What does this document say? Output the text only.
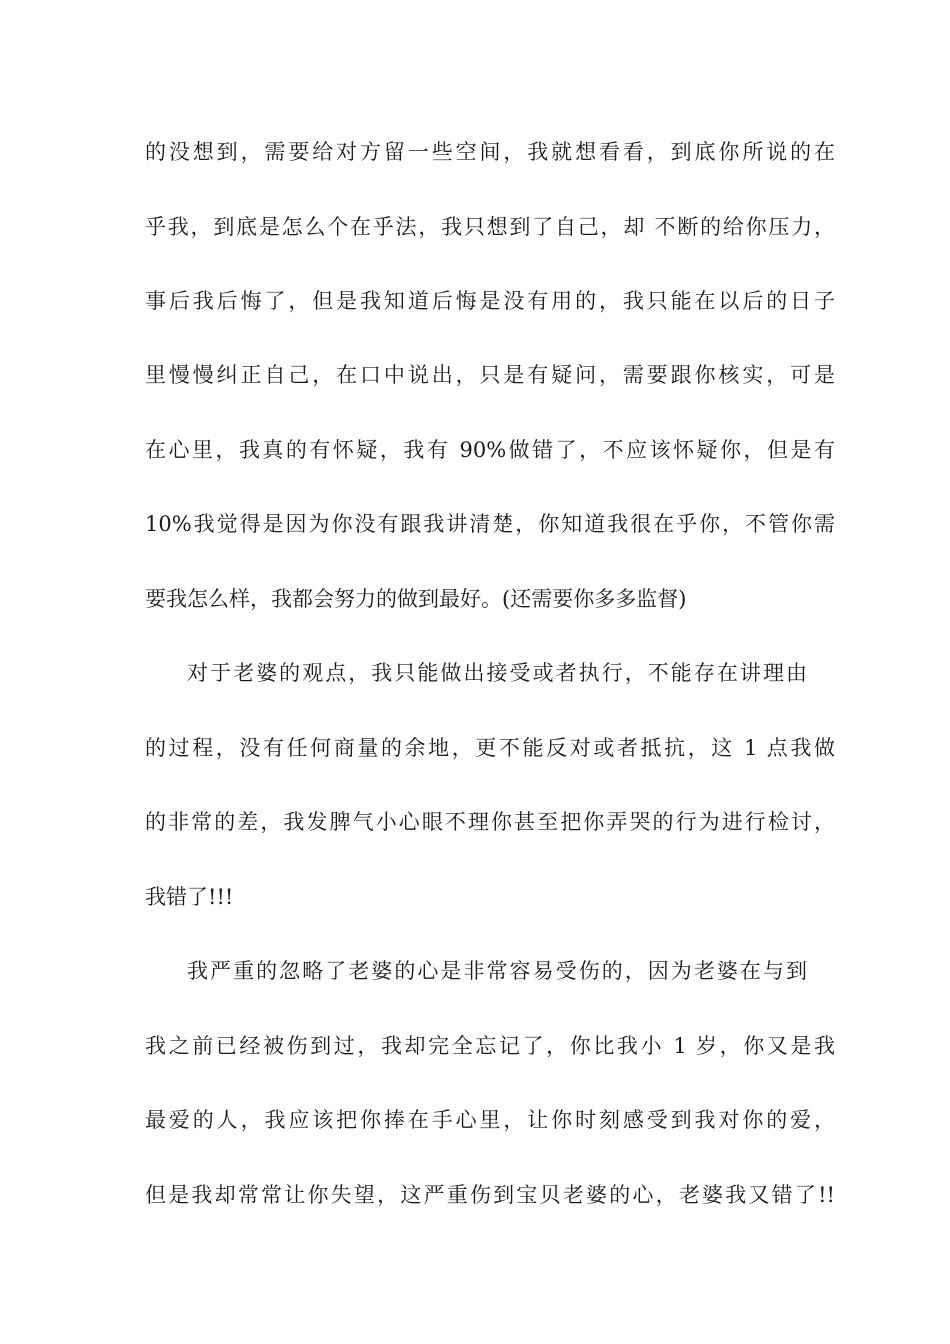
的没想到，需要给对方留一些空间，我就想看看，到底你所说的在
乎我，到底是怎么个在乎法，我只想到了自己，却 不断的给你压力，
事后我后悔了，但是我知道后悔是没有用的，我只能在以后的日子
里慢慢纠正自己，在口中说出，只是有疑问，需要跟你核实，可是
在心里，我真的有怀疑，我有 90%做错了，不应该怀疑你，但是有
10%我觉得是因为你没有跟我讲清楚，你知道我很在乎你，不管你需
要我怎么样，我都会努力的做到最好。(还需要你多多监督)
对于老婆的观点，我只能做出接受或者执行，不能存在讲理由
的过程，没有任何商量的余地，更不能反对或者抵抗，这 1 点我做
的非常的差，我发脾气小心眼不理你甚至把你弄哭的行为进行检讨，
我错了!!!
我严重的忽略了老婆的心是非常容易受伤的，因为老婆在与到
我之前已经被伤到过，我却完全忘记了，你比我小 1 岁，你又是我
最爱的人，我应该把你捧在手心里，让你时刻感受到我对你的爱，
但是我却常常让你失望，这严重伤到宝贝老婆的心，老婆我又错了!!
